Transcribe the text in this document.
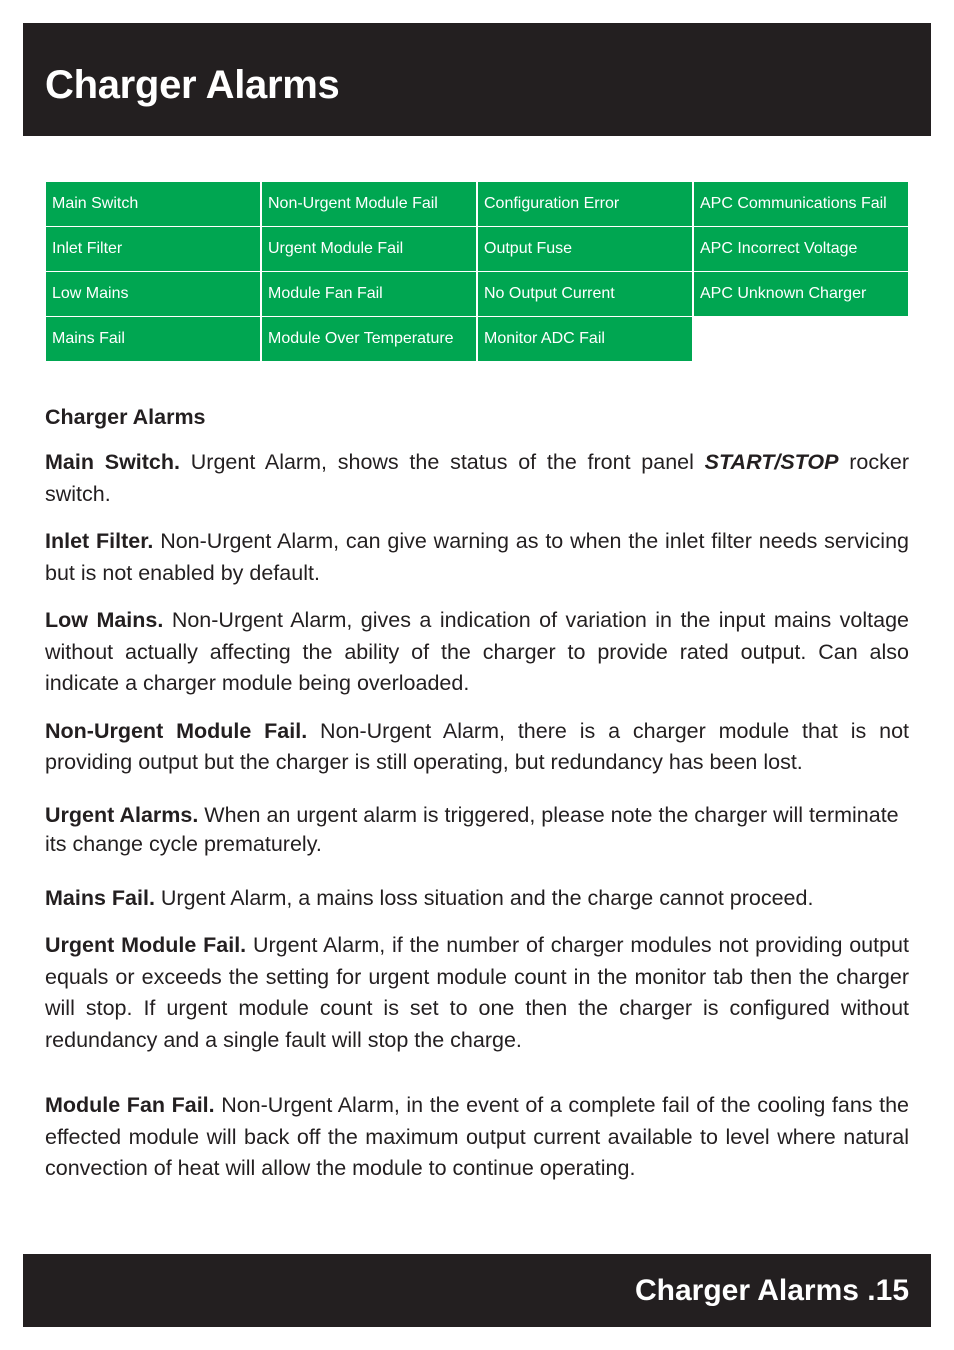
Charger Alarms
Main Switch	Non-Urgent Module Fail	Configuration Error	APC Communications Fail
Inlet Filter	Urgent Module Fail	Output Fuse	APC Incorrect Voltage
Low Mains	Module Fan Fail	No Output Current	APC Unknown Charger
Mains Fail	Module Over Temperature	Monitor ADC Fail
Charger Alarms

Main Switch. Urgent Alarm, shows the status of the front panel START/STOP rocker switch.

Inlet Filter. Non-Urgent Alarm, can give warning as to when the inlet filter needs servicing but is not enabled by default.

Low Mains. Non-Urgent Alarm, gives a indication of variation in the input mains voltage without actually affecting the ability of the charger to provide rated output. Can also indicate a charger module being overloaded.

Non-Urgent Module Fail. Non-Urgent Alarm, there is a charger module that is not providing output but the charger is still operating, but redundancy has been lost.

Urgent Alarms. When an urgent alarm is triggered, please note the charger will terminate its change cycle prematurely.

Mains Fail. Urgent Alarm, a mains loss situation and the charge cannot proceed.

Urgent Module Fail. Urgent Alarm, if the number of charger modules not providing output equals or exceeds the setting for urgent module count in the monitor tab then the charger will stop. If urgent module count is set to one then the charger is configured without redundancy and a single fault will stop the charge.

Module Fan Fail. Non-Urgent Alarm, in the event of a complete fail of the cooling fans the effected module will back off the maximum output current available to level where natural convection of heat will allow the module to continue operating.

Charger Alarms .15
